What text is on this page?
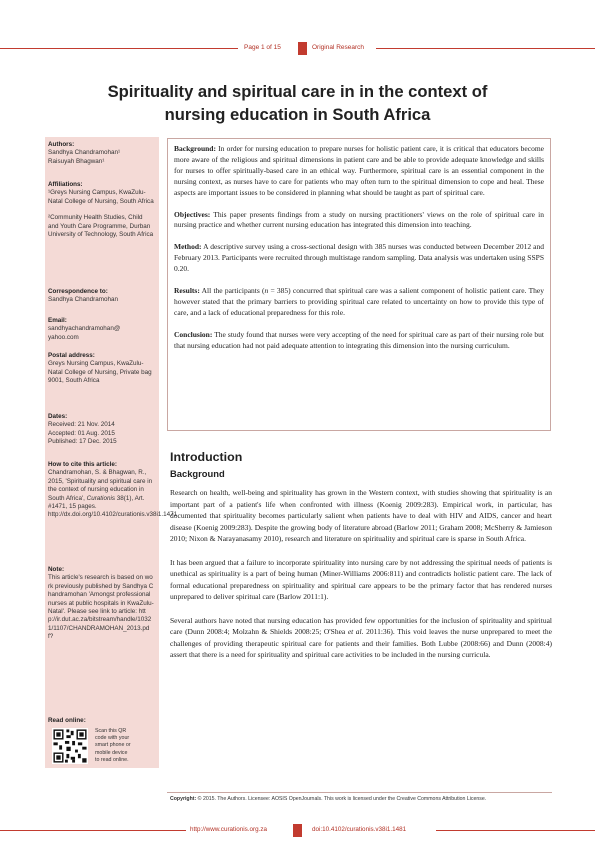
Page 1 of 15	Original Research
Spirituality and spiritual care in in the context of
nursing education in South Africa
Authors:
Sandhya Chandramohan¹
Raisuyah Bhagwan¹
Affiliations:
¹Greys Nursing Campus, KwaZulu-Natal College of Nursing, South Africa
²Community Health Studies, Child and Youth Care Programme, Durban University of Technology, South Africa
Correspondence to:
Sandhya Chandramohan
Email:
sandhyachandramohan@
yahoo.com
Postal address:
Greys Nursing Campus, KwaZulu-Natal College of Nursing, Private bag 9001, South Africa
Dates:
Received: 21 Nov. 2014
Accepted: 01 Aug. 2015
Published: 17 Dec. 2015
How to cite this article:
Chandramohan, S. & Bhagwan, R., 2015, 'Spirituality and spiritual care in the context of nursing education in South Africa', Curationis 38(1), Art. #1471, 15 pages. http://dx.doi.org/10.4102/curationis.v38i1.1471
Note:
This article's research is based on work previously published by Sandhya Chandramohan 'Amongst professional nurses at public hospitals in KwaZulu-Natal'. Please see link to article: http://ir.dut.ac.za/bitstream/handle/10321/1107/CHANDRAMOHAN_2013.pdf?
Read online:
Scan this QR
code with your
smart phone or
mobile device
to read online.

Background: In order for nursing education to prepare nurses for holistic patient care, it is critical that educators become more aware of the religious and spiritual dimensions in patient care and be able to provide adequate knowledge and skills for nurses to offer spiritually-based care in an ethical way. Furthermore, spiritual care is an essential component in the nursing context, as nurses have to care for patients who may often turn to the spiritual dimension to cope and heal. These aspects are important issues to be considered in planning what should be taught as part of spiritual care.

Objectives: This paper presents findings from a study on nursing practitioners' views on the role of spiritual care in nursing practice and whether current nursing education has integrated this dimension into teaching.

Method: A descriptive survey using a cross-sectional design with 385 nurses was conducted between December 2012 and February 2013. Participants were recruited through multistage random sampling. Data analysis was undertaken using SSPS 0.20.

Results: All the participants (n = 385) concurred that spiritual care was a salient component of holistic patient care. They however stated that the primary barriers to providing spiritual care related to uncertainty on how to provide this type of care, and a lack of educational preparedness for this role.

Conclusion: The study found that nurses were very accepting of the need for spiritual care as part of their nursing role but that nursing education had not paid adequate attention to integrating this dimension into the nursing curriculum.

Introduction
Background

Research on health, well-being and spirituality has grown in the Western context, with studies showing that spirituality is an important part of a patient's life when confronted with illness (Koenig 2009:283). Empirical work, in particular, has documented that spirituality becomes particularly salient when patients have to deal with HIV and AIDS, cancer and heart disease (Koenig 2009:283). Despite the growing body of literature abroad (Barlow 2011; Graham 2008; McSherry & Jamieson 2010; Nixon & Narayanasamy 2010), research and literature on spirituality and spiritual care is sparse in South Africa.

It has been argued that a failure to incorporate spirituality into nursing care by not addressing the spiritual needs of patients is unethical as spirituality is a part of being human (Miner-Williams 2006:811) and contradicts holistic patient care. The lack of formal educational preparedness on spirituality and spiritual care appears to be the primary factor that has rendered nurses unprepared to deliver spiritual care (Barlow 2011:1).

Several authors have noted that nursing education has provided few opportunities for the inclusion of spirituality and spiritual care (Dunn 2008:4; Molzahn & Shields 2008:25; O'Shea et al. 2011:36). This void leaves the nurse unprepared to meet the challenges of providing therapeutic spiritual care for patients and their families. Both Lubbe (2008:66) and Dunn (2008:4) assert that there is a need for spirituality and spiritual care activities to be included in the nursing curricula.

Copyright: © 2015. The Authors. Licensee: AOSIS OpenJournals. This work is licensed under the Creative Commons Attribution License.
http://www.curationis.org.za	doi:10.4102/curationis.v38i1.1481
